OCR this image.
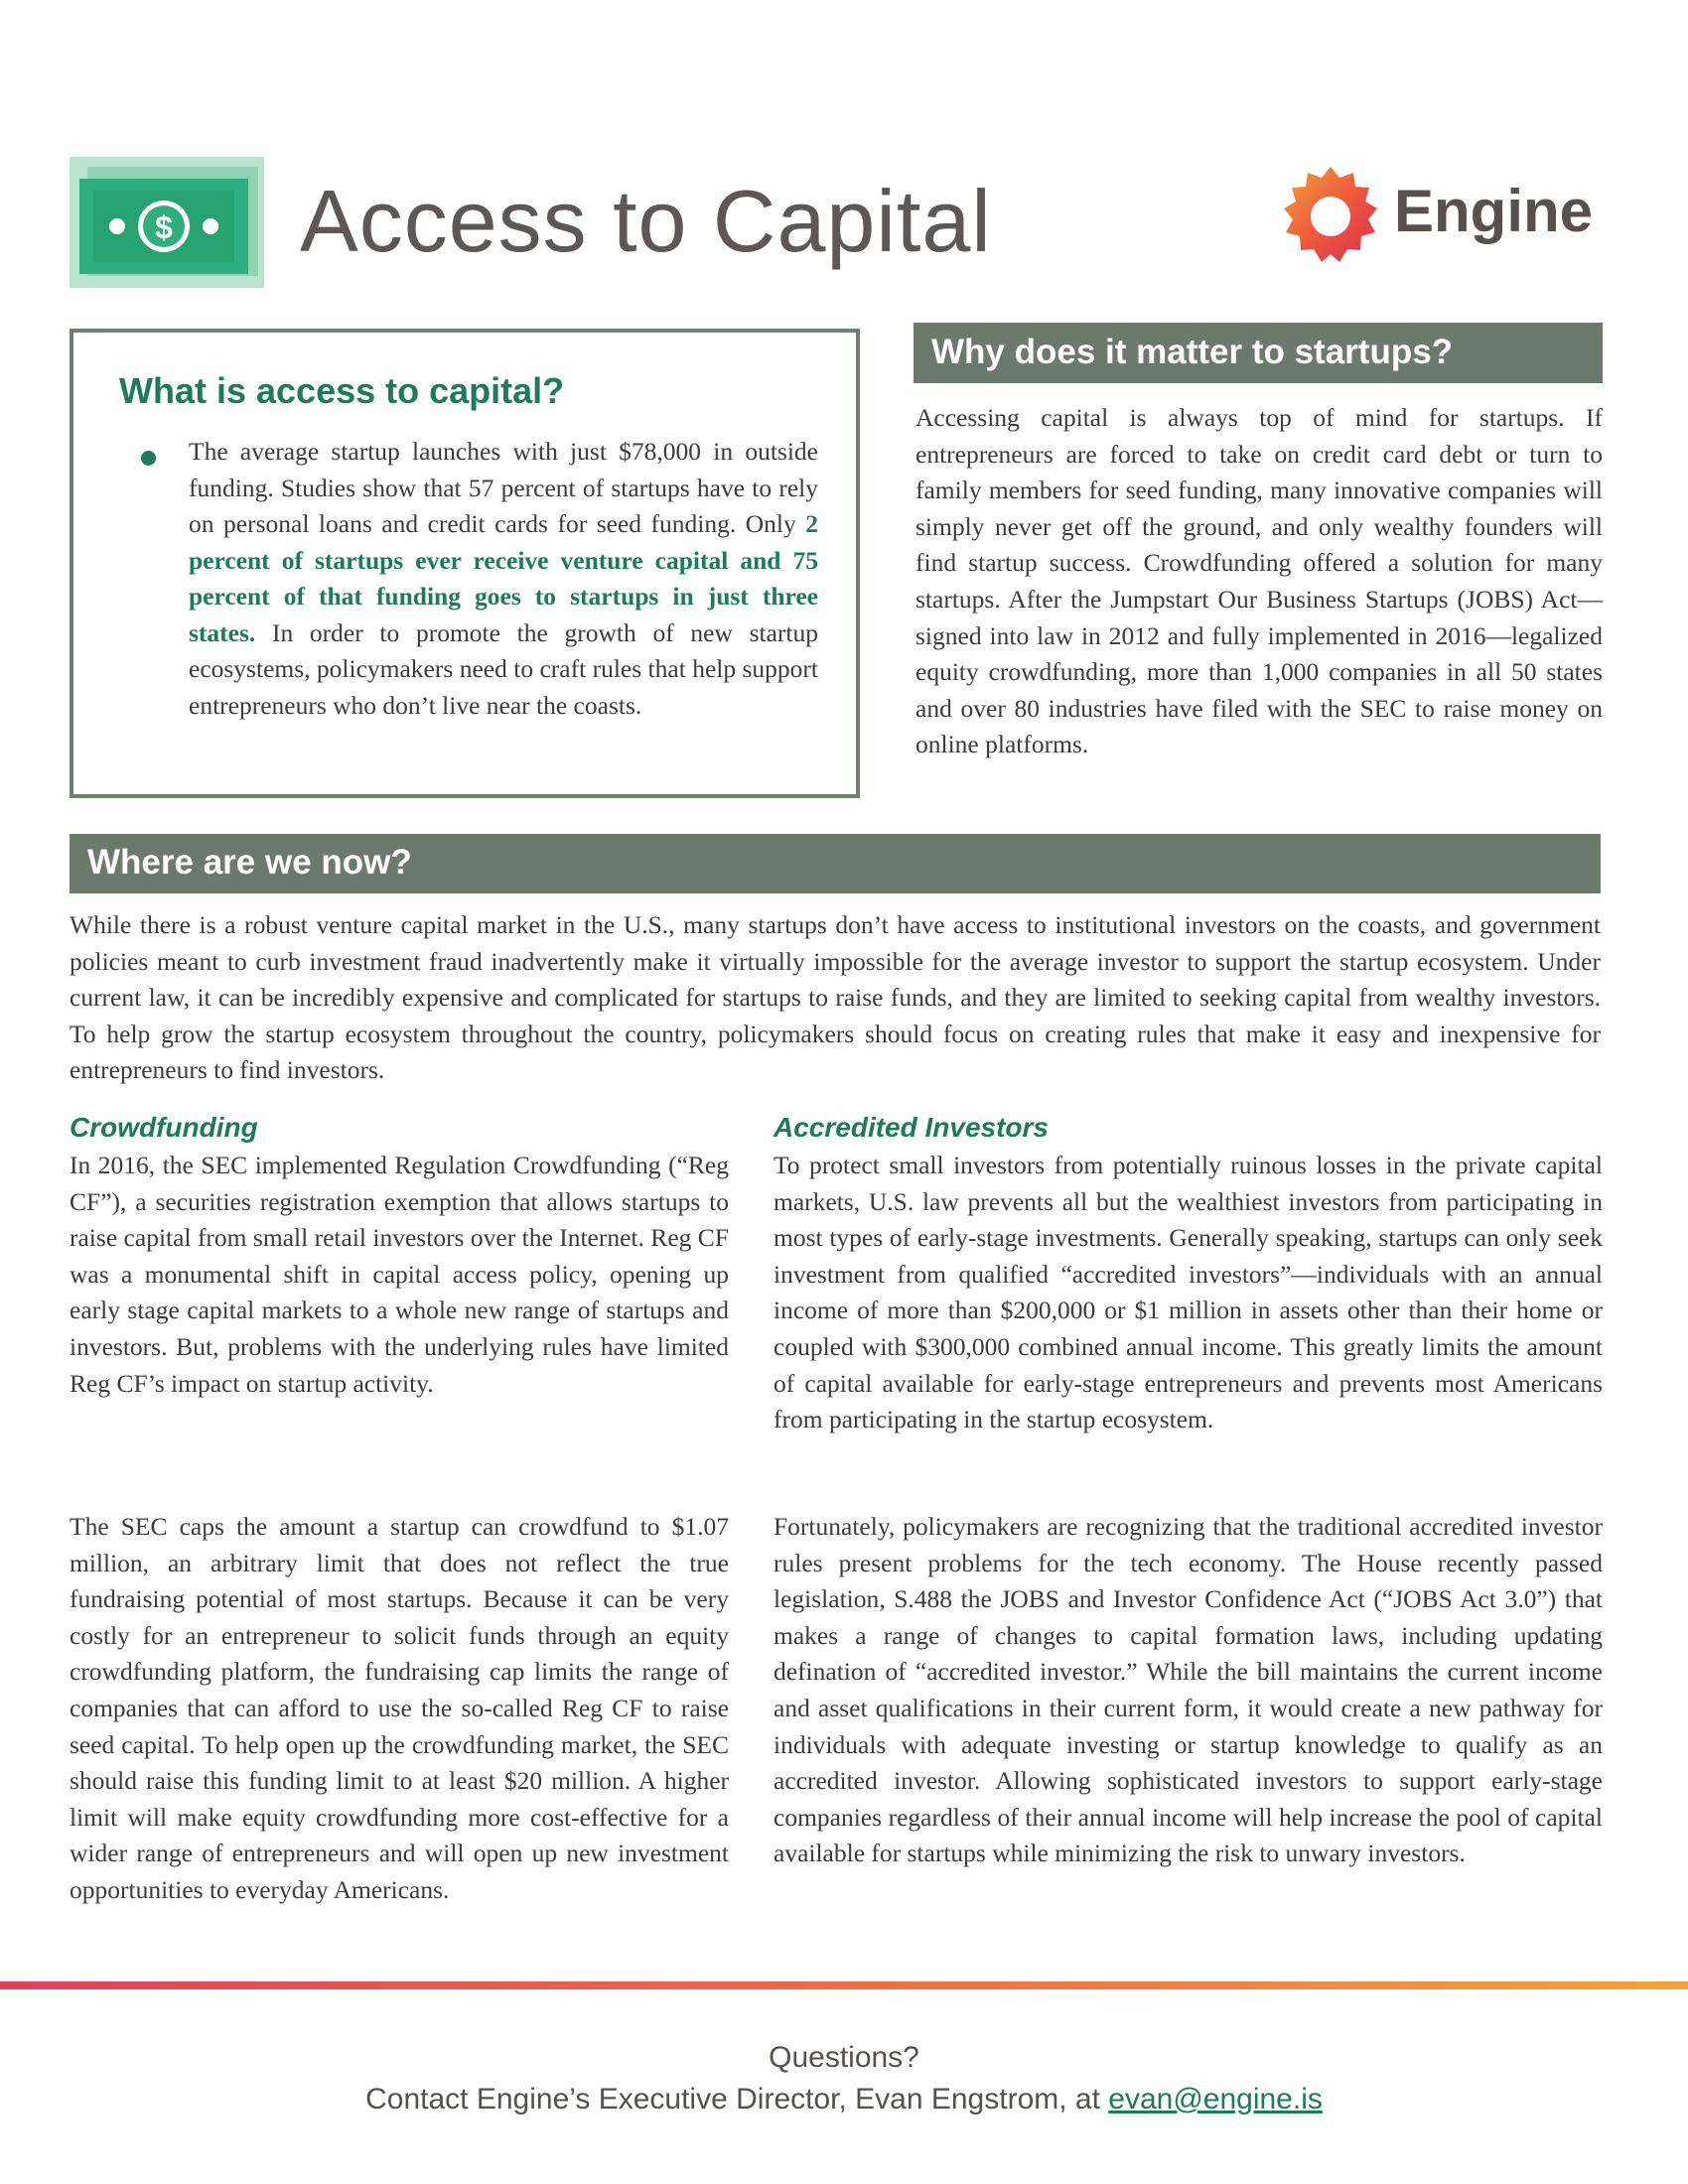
$ Access to Capital	Engine
What is access to capital?
The average startup launches with just $78,000 in outside funding. Studies show that 57 percent of startups have to rely on personal loans and credit cards for seed funding. Only 2 percent of startups ever receive venture capital and 75 percent of that funding goes to startups in just three states. In order to promote the growth of new startup ecosystems, policymakers need to craft rules that help support entrepreneurs who don’t live near the coasts.
Why does it matter to startups?
Accessing capital is always top of mind for startups. If entrepreneurs are forced to take on credit card debt or turn to family members for seed funding, many innovative companies will simply never get off the ground, and only wealthy founders will find startup success. Crowdfunding offered a solution for many startups. After the Jumpstart Our Business Startups (JOBS) Act—signed into law in 2012 and fully implemented in 2016—legalized equity crowdfunding, more than 1,000 companies in all 50 states and over 80 industries have filed with the SEC to raise money on online platforms.
Where are we now?
While there is a robust venture capital market in the U.S., many startups don’t have access to institutional investors on the coasts, and government policies meant to curb investment fraud inadvertently make it virtually impossible for the average investor to support the startup ecosystem. Under current law, it can be incredibly expensive and complicated for startups to raise funds, and they are limited to seeking capital from wealthy investors. To help grow the startup ecosystem throughout the country, policymakers should focus on creating rules that make it easy and inexpensive for entrepreneurs to find investors.
Crowdfunding
In 2016, the SEC implemented Regulation Crowdfunding (“Reg CF”), a securities registration exemption that allows startups to raise capital from small retail investors over the Internet. Reg CF was a monumental shift in capital access policy, opening up early stage capital markets to a whole new range of startups and investors. But, problems with the underlying rules have limited Reg CF’s impact on startup activity.
The SEC caps the amount a startup can crowdfund to $1.07 million, an arbitrary limit that does not reflect the true fundraising potential of most startups. Because it can be very costly for an entrepreneur to solicit funds through an equity crowdfunding platform, the fundraising cap limits the range of companies that can afford to use the so-called Reg CF to raise seed capital. To help open up the crowdfunding market, the SEC should raise this funding limit to at least $20 million. A higher limit will make equity crowdfunding more cost-effective for a wider range of entrepreneurs and will open up new investment opportunities to everyday Americans.
Accredited Investors
To protect small investors from potentially ruinous losses in the private capital markets, U.S. law prevents all but the wealthiest investors from participating in most types of early-stage investments. Generally speaking, startups can only seek investment from qualified “accredited investors”—individuals with an annual income of more than $200,000 or $1 million in assets other than their home or coupled with $300,000 combined annual income. This greatly limits the amount of capital available for early-stage entrepreneurs and prevents most Americans from participating in the startup ecosystem.
Fortunately, policymakers are recognizing that the traditional accredited investor rules present problems for the tech economy. The House recently passed legislation, S.488 the JOBS and Investor Confidence Act (“JOBS Act 3.0”) that makes a range of changes to capital formation laws, including updating defination of “accredited investor.” While the bill maintains the current income and asset qualifications in their current form, it would create a new pathway for individuals with adequate investing or startup knowledge to qualify as an accredited investor. Allowing sophisticated investors to support early-stage companies regardless of their annual income will help increase the pool of capital available for startups while minimizing the risk to unwary investors.
Questions?
Contact Engine’s Executive Director, Evan Engstrom, at evan@engine.is
